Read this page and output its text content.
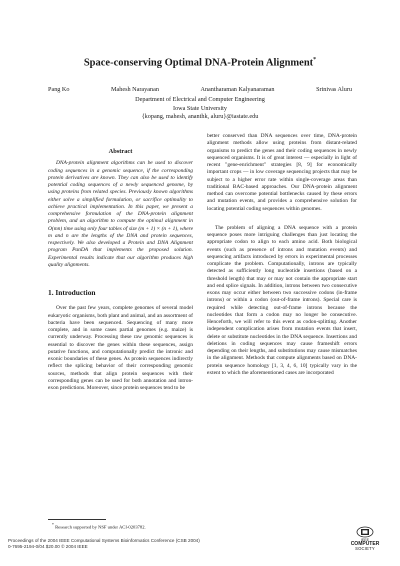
Space-conserving Optimal DNA-Protein Alignment*
Pang Ko	Mahesh Narayanan	Anantharaman Kalyanaraman	Srinivas Aluru
Department of Electrical and Computer Engineering
Iowa State University
{kopang, mahesh, ananthk, aluru}@iastate.edu
Abstract

DNA-protein alignment algorithms can be used to discover coding sequences in a genomic sequence, if the corresponding protein derivatives are known. They can also be used to identify potential coding sequences of a newly sequenced genome, by using proteins from related species. Previously known algorithms either solve a simplified formulation, or sacrifice optimality to achieve practical implementation. In this paper, we present a comprehensive formulation of the DNA-protein alignment problem, and an algorithm to compute the optimal alignment in O(mn) time using only four tables of size (m + 1) × (n + 1), where m and n are the lengths of the DNA and protein sequences, respectively. We also developed a Protein and DNA Alignment program PanDA that implements the proposed solution. Experimental results indicate that our algorithm produces high quality alignments.

1. Introduction

Over the past few years, complete genomes of several model eukaryotic organisms, both plant and animal, and an assortment of bacteria have been sequenced. Sequencing of many more complete, and in some cases partial genomes (e.g. maize) is currently underway. Processing these raw genomic sequences is essential to discover the genes within these sequences, assign putative functions, and computationally predict the intronic and exonic boundaries of these genes. As protein sequences indirectly reflect the splicing behavior of their corresponding genomic sources, methods that align protein sequences with their corresponding genes can be used for both annotation and intron-exon predictions. Moreover, since protein sequences tend to be

better conserved than DNA sequences over time, DNA-protein alignment methods allow using proteins from distant-related organisms to predict the genes and their coding sequences in newly sequenced organisms. It is of great interest — especially in light of recent "gene-enrichment" strategies [8, 9] for economically important crops — in low coverage sequencing projects that may be subject to a higher error rate within single-coverage areas than traditional BAC-based approaches. Our DNA-protein alignment method can overcome potential bottlenecks caused by these errors and mutation events, and provides a comprehensive solution for locating potential coding sequences within genomes.

The problem of aligning a DNA sequence with a protein sequence poses more intriguing challenges than just locating the appropriate codon to align to each amino acid. Both biological events (such as presence of introns and mutation events) and sequencing artifacts introduced by errors in experimental processes complicate the problem. Computationally, introns are typically detected as sufficiently long nucleotide insertions (based on a threshold length) that may or may not contain the appropriate start and end splice signals. In addition, introns between two consecutive exons may occur either between two successive codons (in-frame introns) or within a codon (out-of-frame introns). Special care is required while detecting out-of-frame introns because the nucleotides that form a codon may no longer be consecutive. Henceforth, we will refer to this event as codon-splitting. Another independent complication arises from mutation events that insert, delete or substitute nucleotides in the DNA sequence. Insertions and deletions in coding sequences may cause frameshift errors depending on their lengths, and substitutions may cause mismatches in the alignment. Methods that compute alignments based on DNA-protein sequence homology [1, 3, 4, 6, 10] typically vary in the extent to which the aforementioned cases are incorporated

* Research supported by NSF under ACI-0203782.
Proceedings of the 2004 IEEE Computational Systems Bioinformatics Conference (CSB 2004)
0-7695-2194-0/04 $20.00 © 2004 IEEE
IEEE
COMPUTER
SOCIETY
